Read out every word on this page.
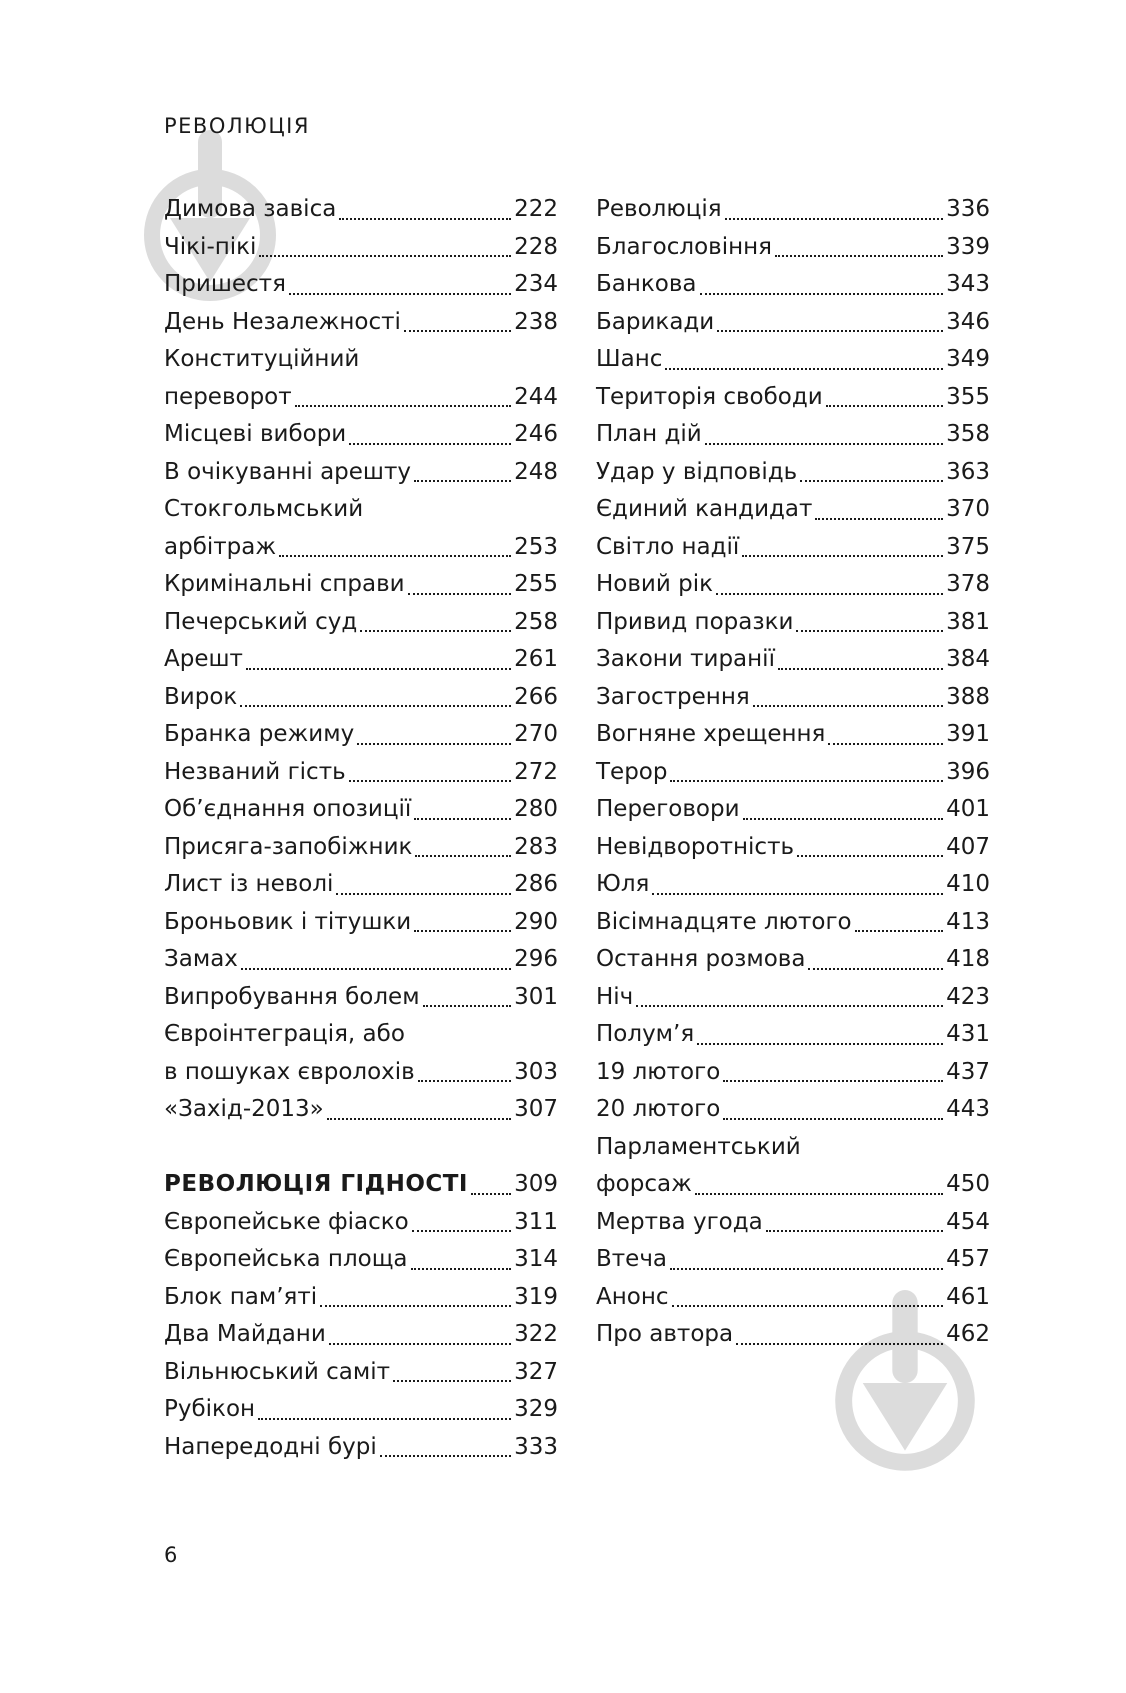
РЕВОЛЮЦІЯ
Димова завіса	222
Чікі-пікі	228
Пришестя	234
День Незалежності	238
Конституційний
переворот	244
Місцеві вибори	246
В очікуванні арешту	248
Стокгольмський
арбітраж	253
Кримінальні справи	255
Печерський суд	258
Арешт	261
Вирок	266
Бранка режиму	270
Незваний гість	272
Об’єднання опозиції	280
Присяга-запобіжник	283
Лист із неволі	286
Броньовик і тітушки	290
Замах	296
Випробування болем	301
Євроінтеграція, або
в пошуках євролохів	303
«Захід-2013»	307
РЕВОЛЮЦІЯ ГІДНОСТІ 309
Європейське фіаско	311
Європейська площа	314
Блок пам’яті	319
Два Майдани	322
Вільнюський саміт	327
Рубікон	329
Напередодні бурі	333
Революція	336
Благословіння	339
Банкова	343
Барикади	346
Шанс	349
Територія свободи	355
План дій	358
Удар у відповідь	363
Єдиний кандидат	370
Світло надії	375
Новий рік	378
Привид поразки	381
Закони тиранії	384
Загострення	388
Вогняне хрещення	391
Терор	396
Переговори	401
Невідворотність	407
Юля	410
Вісімнадцяте лютого	413
Остання розмова	418
Ніч	423
Полум’я	431
19 лютого	437
20 лютого	443
Парламентський
форсаж	450
Мертва угода	454
Втеча	457
Анонс	461
Про автора	462
6
